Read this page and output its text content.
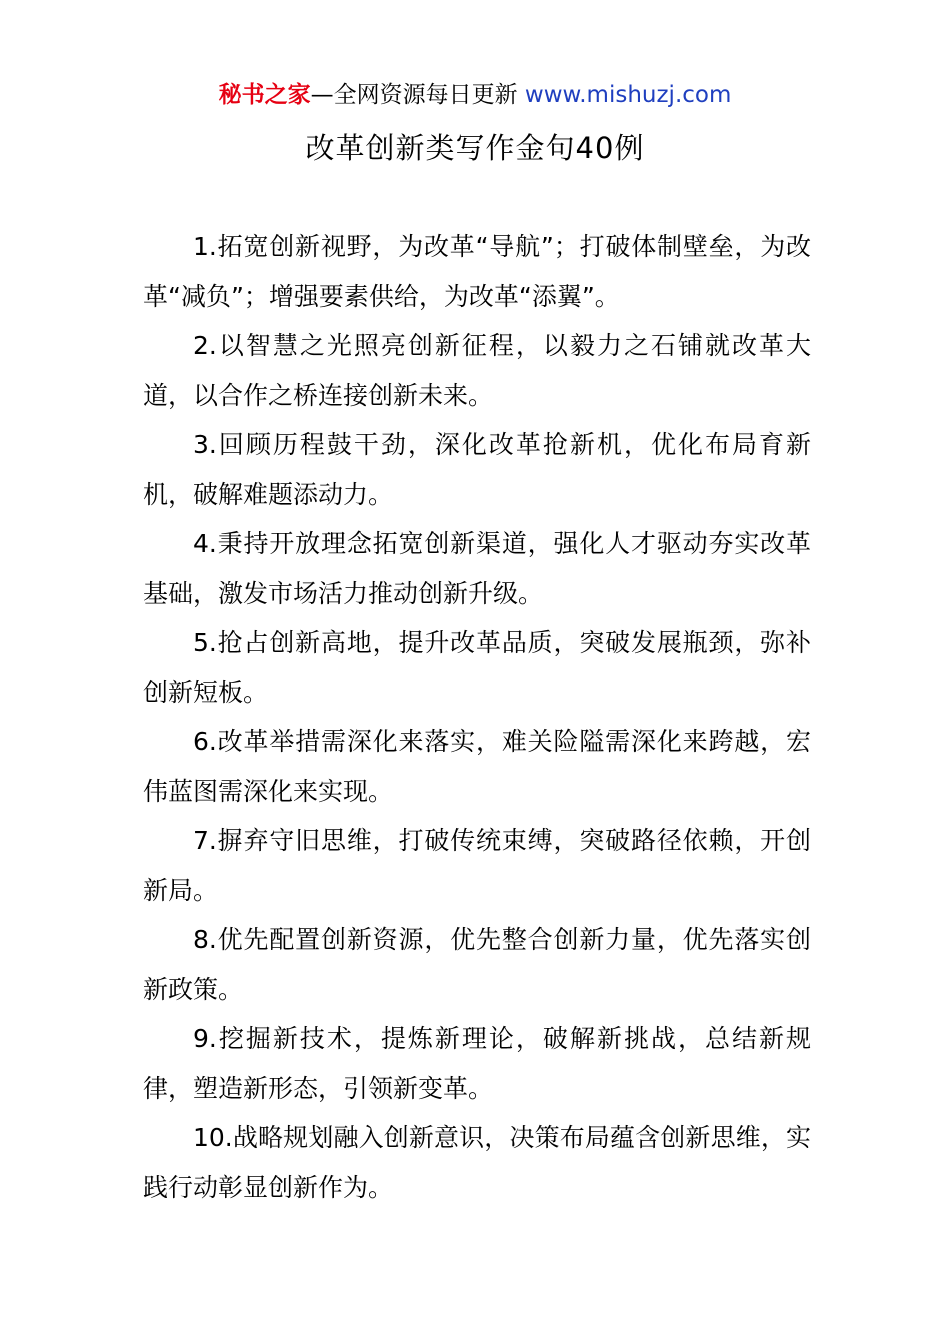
秘书之家—全网资源每日更新 www.mishuzj.com
改革创新类写作金句40例

1.拓宽创新视野，为改革“导航”；打破体制壁垒，为改革“减负”；增强要素供给，为改革“添翼”。

2.以智慧之光照亮创新征程，以毅力之石铺就改革大道，以合作之桥连接创新未来。

3.回顾历程鼓干劲，深化改革抢新机，优化布局育新机，破解难题添动力。

4.秉持开放理念拓宽创新渠道，强化人才驱动夯实改革基础，激发市场活力推动创新升级。

5.抢占创新高地，提升改革品质，突破发展瓶颈，弥补创新短板。

6.改革举措需深化来落实，难关险隘需深化来跨越，宏伟蓝图需深化来实现。

7.摒弃守旧思维，打破传统束缚，突破路径依赖，开创新局。

8.优先配置创新资源，优先整合创新力量，优先落实创新政策。

9.挖掘新技术，提炼新理论，破解新挑战，总结新规律，塑造新形态，引领新变革。

10.战略规划融入创新意识，决策布局蕴含创新思维，实践行动彰显创新作为。
